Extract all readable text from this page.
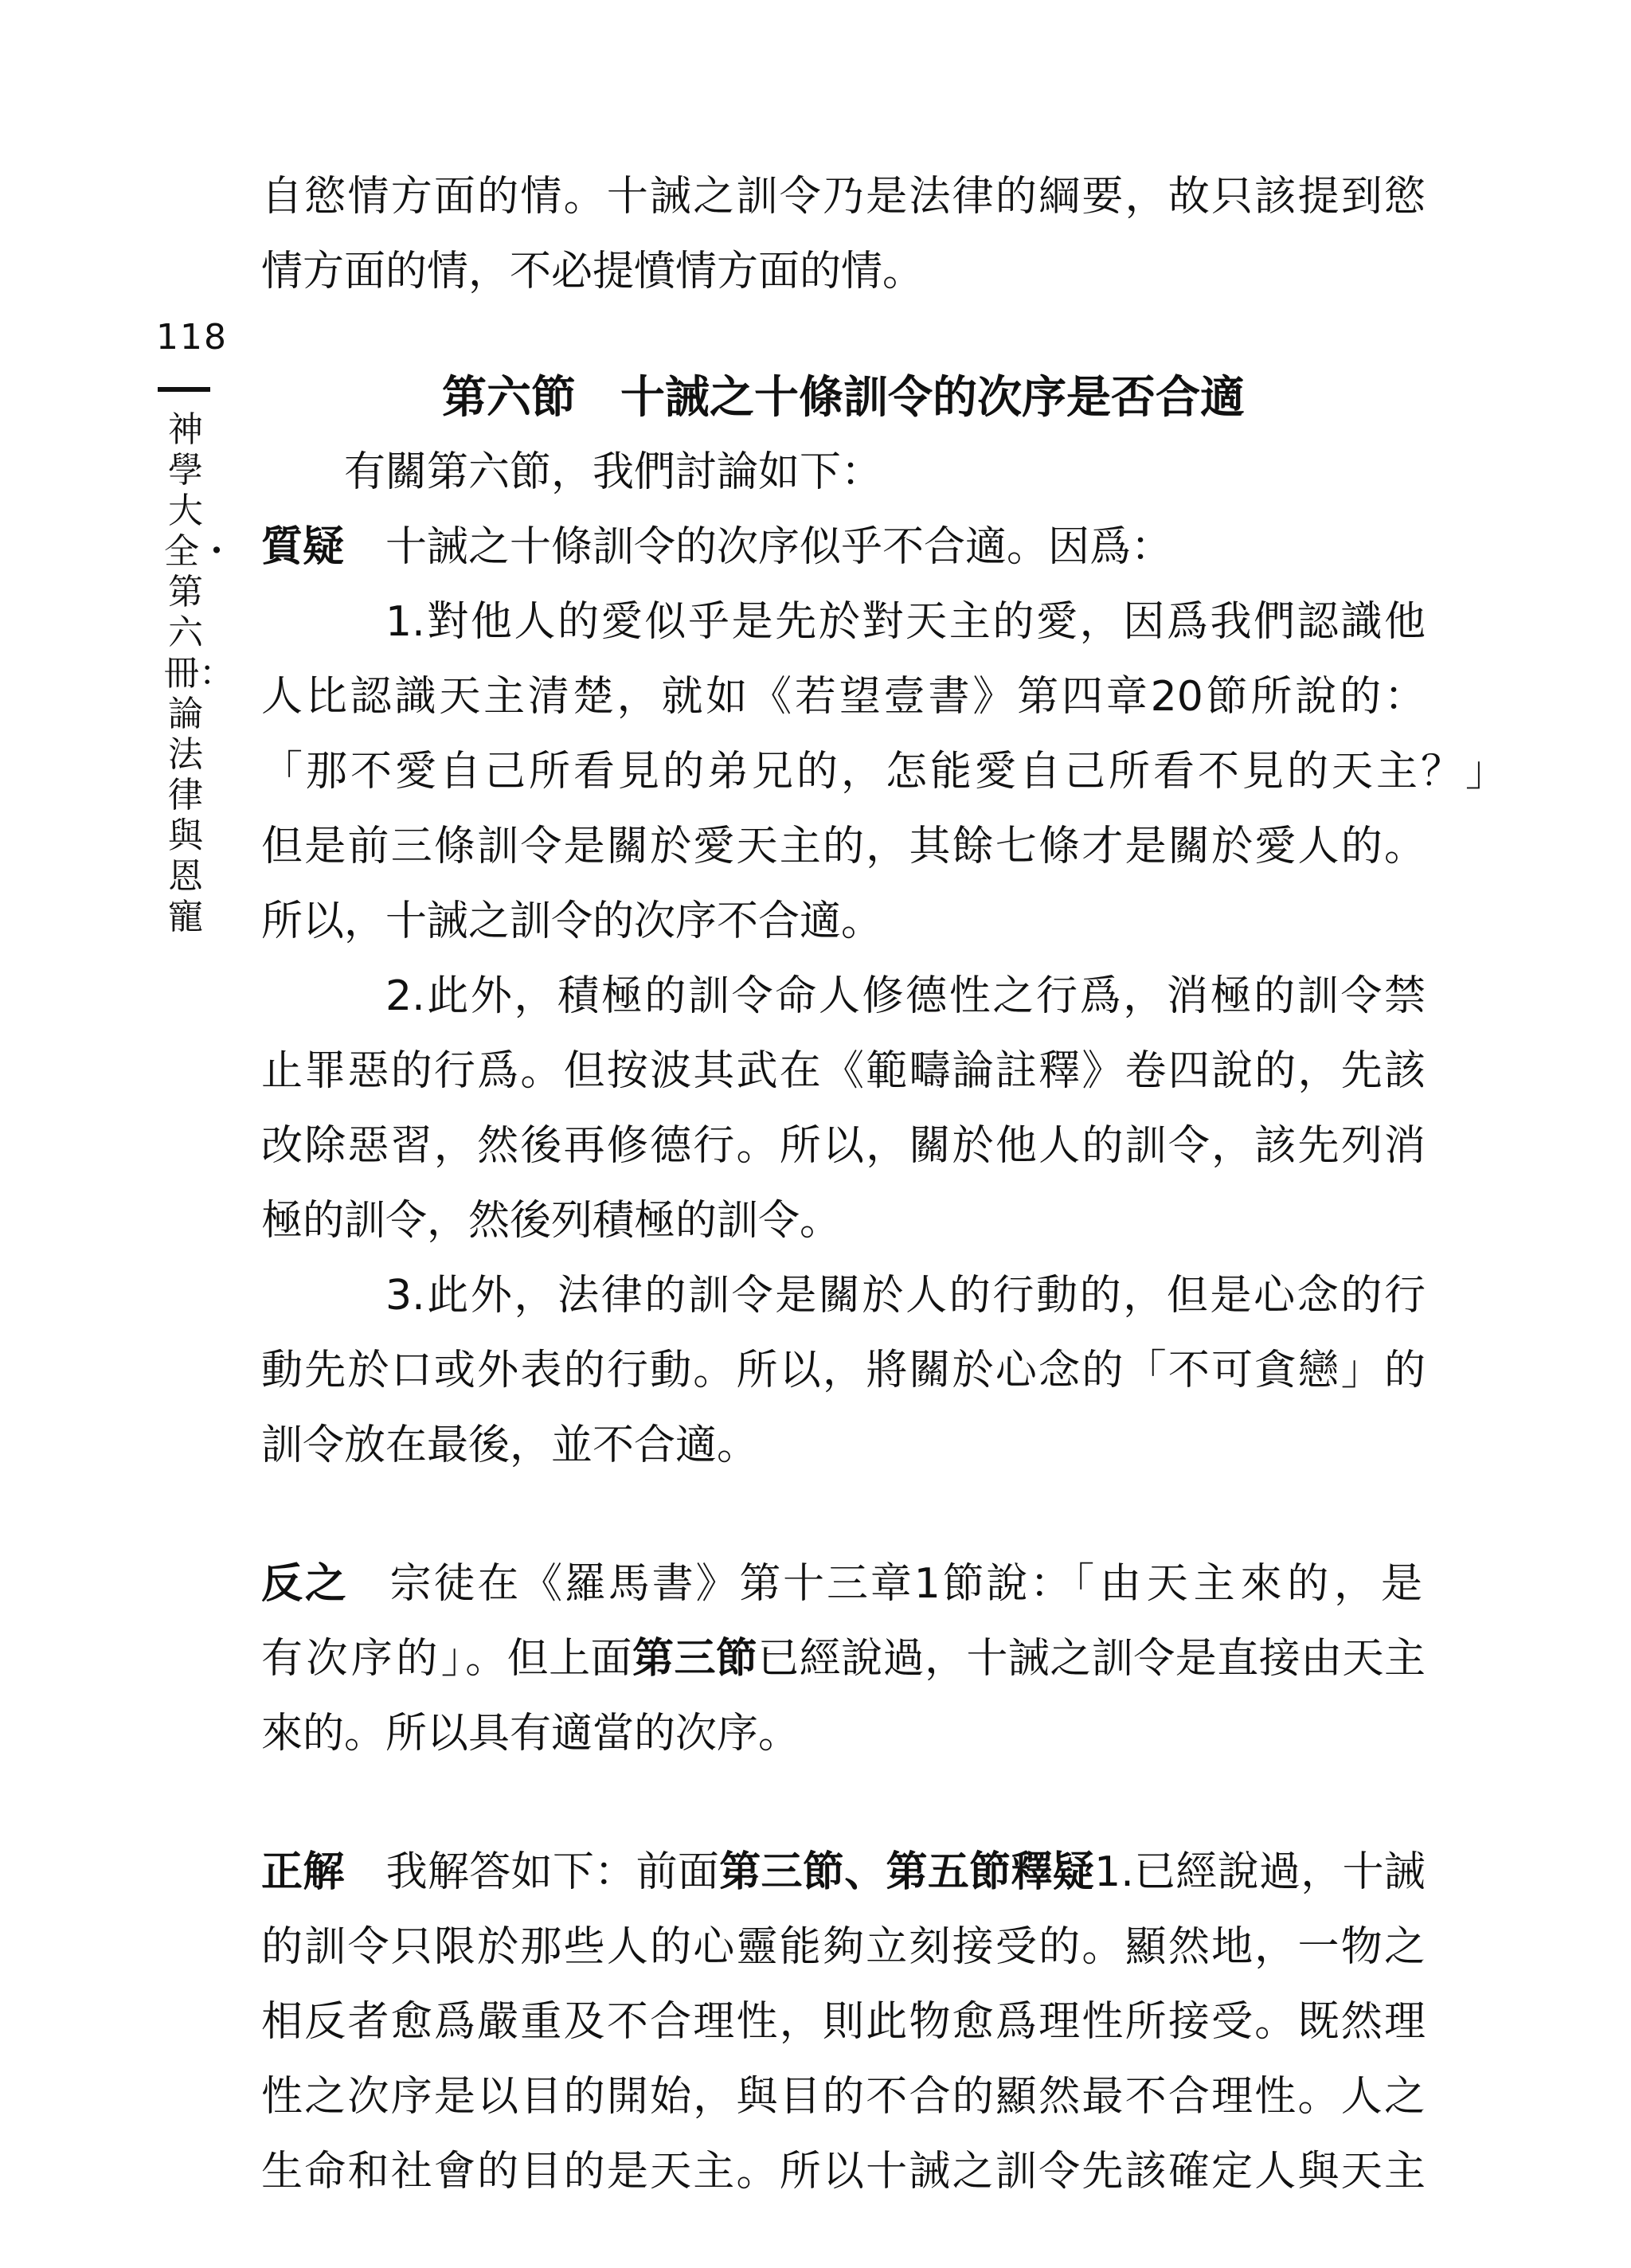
118
神學大全・第六冊：論法律與恩寵
自慾情方面的情。十誡之訓令乃是法律的綱要，故只該提到慾
情方面的情，不必提憤情方面的情。
第六節 十誡之十條訓令的次序是否合適
有關第六節，我們討論如下：
質疑 十誡之十條訓令的次序似乎不合適。因爲：
1.對他人的愛似乎是先於對天主的愛，因爲我們認識他
人比認識天主清楚，就如《若望壹書》第四章20節所說的：
「那不愛自己所看見的弟兄的，怎能愛自己所看不見的天主？」
但是前三條訓令是關於愛天主的，其餘七條才是關於愛人的。
所以，十誡之訓令的次序不合適。
2.此外，積極的訓令命人修德性之行爲，消極的訓令禁
止罪惡的行爲。但按波其武在《範疇論註釋》卷四說的，先該
改除惡習，然後再修德行。所以，關於他人的訓令，該先列消
極的訓令，然後列積極的訓令。
3.此外，法律的訓令是關於人的行動的，但是心念的行
動先於口或外表的行動。所以，將關於心念的「不可貪戀」的
訓令放在最後，並不合適。
反之 宗徒在《羅馬書》第十三章1節說：「由天主來的，是
有次序的」。但上面第三節已經說過，十誡之訓令是直接由天主
來的。所以具有適當的次序。
正解 我解答如下：前面第三節、第五節釋疑1.已經說過，十誡
的訓令只限於那些人的心靈能夠立刻接受的。顯然地，一物之
相反者愈爲嚴重及不合理性，則此物愈爲理性所接受。既然理
性之次序是以目的開始，與目的不合的顯然最不合理性。人之
生命和社會的目的是天主。所以十誡之訓令先該確定人與天主
